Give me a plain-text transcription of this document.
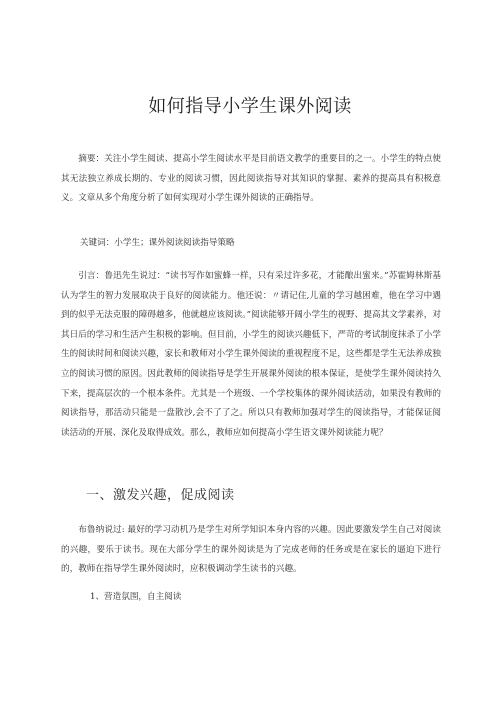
如何指导小学生课外阅读

摘要：关注小学生阅读、提高小学生阅读水平是目前语文教学的重要目的之一。小学生的特点使其无法独立养成长期的、专业的阅读习惯，因此阅读指导对其知识的掌握、素养的提高具有积极意义。文章从多个角度分析了如何实现对小学生课外阅读的正确指导。

关键词：小学生；课外阅读阅读指导策略

引言：鲁迅先生说过：“读书写作如蜜蜂一样，只有采过许多花，才能酿出蜜来。”苏霍姆林斯基认为学生的智力发展取决于良好的阅读能力。他还说：〃请记住,儿童的学习越困难，他在学习中遇到的似乎无法克服的障碍越多，他就越应该阅读。”阅读能够开阔小学生的视野、提高其文学素养，对其日后的学习和生活产生积极的影响。但目前，小学生的阅读兴趣低下，严苛的考试制度抹杀了小学生的阅读时间和阅读兴趣，家长和教师对小学生课外阅读的重视程度不足，这些都是学生无法养成独立的阅读习惯的原因。因此教师的阅读指导是学生开展课外阅读的根本保证，是使学生课外阅读持久下来，提高层次的一个根本条件。尤其是一个班级、一个学校集体的课外阅读活动，如果没有教师的阅读指导，那活动只能是一盘散沙,会不了了之。所以只有教师加强对学生的阅读指导，才能保证阅读活动的开展、深化及取得成效。那么，教师应如何提高小学生语文课外阅读能力呢？

一、激发兴趣，促成阅读

布鲁纳说过: 最好的学习动机乃是学生对所学知识本身内容的兴趣。因此要激发学生自己对阅读的兴趣，要乐于读书。现在大部分学生的课外阅读是为了完成老师的任务或是在家长的逼迫下进行的，教师在指导学生课外阅读时，应积极调动学生读书的兴趣。

1、营造氛围，自主阅读
